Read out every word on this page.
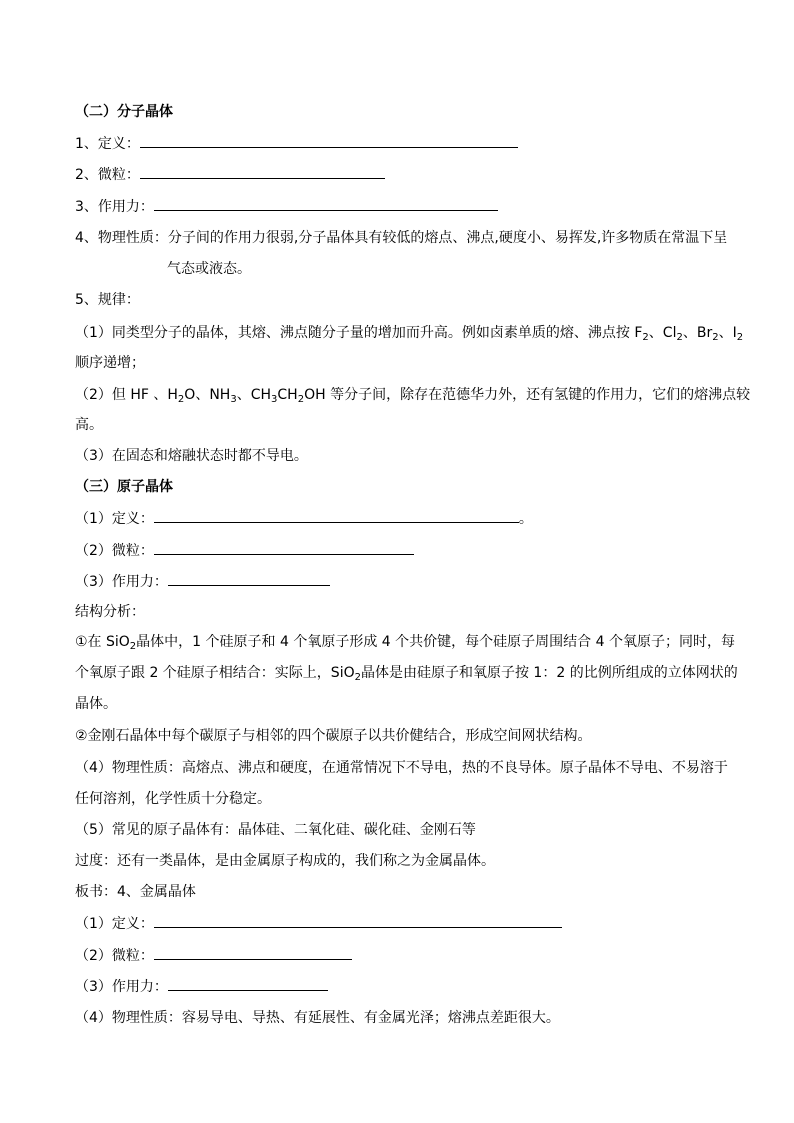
（二）分子晶体
1、定义：
2、微粒：
3、作用力：
4、物理性质：分子间的作用力很弱,分子晶体具有较低的熔点、沸点,硬度小、易挥发,许多物质在常温下呈
气态或液态。
5、规律：
（1）同类型分子的晶体，其熔、沸点随分子量的增加而升高。例如卤素单质的熔、沸点按 $F_2$、$Cl_2$、$Br_2$、$I_2$
顺序递增；
（2）但 HF 、$H_2O$、$NH_3$、$CH_3CH_2OH$ 等分子间，除存在范德华力外，还有氢键的作用力，它们的熔沸点较
高。
（3）在固态和熔融状态时都不导电。
（三）原子晶体
（1）定义：	。
（2）微粒：
（3）作用力：
结构分析：
①在 SiO$_2$晶体中，1 个硅原子和 4 个氧原子形成 4 个共价键，每个硅原子周围结合 4 个氧原子；同时，每
个氧原子跟 2 个硅原子相结合：实际上，SiO$_2$晶体是由硅原子和氧原子按 1：2 的比例所组成的立体网状的
晶体。
②金刚石晶体中每个碳原子与相邻的四个碳原子以共价健结合，形成空间网状结构。
（4）物理性质：高熔点、沸点和硬度，在通常情况下不导电，热的不良导体。原子晶体不导电、不易溶于
任何溶剂，化学性质十分稳定。
（5）常见的原子晶体有：晶体硅、二氧化硅、碳化硅、金刚石等
过度：还有一类晶体，是由金属原子构成的，我们称之为金属晶体。
板书：4、金属晶体
（1）定义：
（2）微粒：
（3）作用力：
（4）物理性质：容易导电、导热、有延展性、有金属光泽；熔沸点差距很大。
